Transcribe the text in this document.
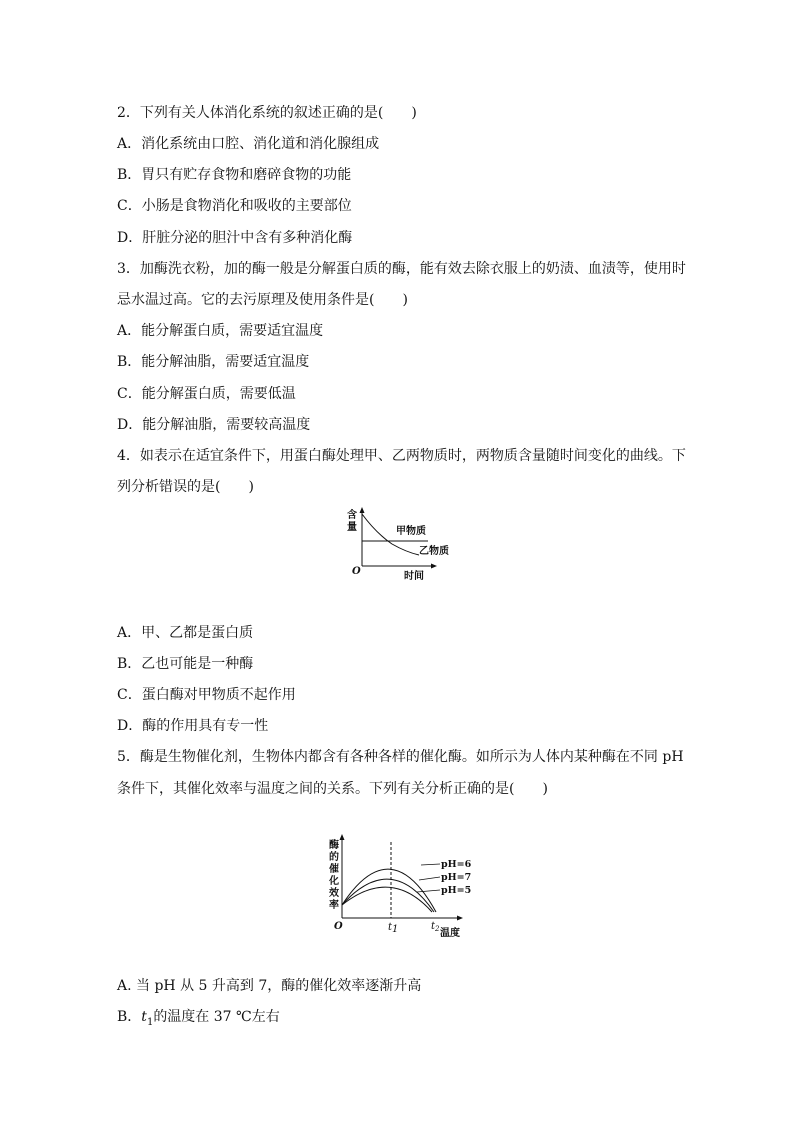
2．下列有关人体消化系统的叙述正确的是(　　)
A．消化系统由口腔、消化道和消化腺组成
B．胃只有贮存食物和磨碎食物的功能
C．小肠是食物消化和吸收的主要部位
D．肝脏分泌的胆汁中含有多种消化酶
3．加酶洗衣粉，加的酶一般是分解蛋白质的酶，能有效去除衣服上的奶渍、血渍等，使用时
忌水温过高。它的去污原理及使用条件是(　　)
A．能分解蛋白质，需要适宜温度
B．能分解油脂，需要适宜温度
C．能分解蛋白质，需要低温
D．能分解油脂，需要较高温度
4．如表示在适宜条件下，用蛋白酶处理甲、乙两物质时，两物质含量随时间变化的曲线。下
列分析错误的是(　　)
含
量	甲物质
乙物质
O	时间
A．甲、乙都是蛋白质
B．乙也可能是一种酶
C．蛋白酶对甲物质不起作用
D．酶的作用具有专一性
5．酶是生物催化剂，生物体内都含有各种各样的催化酶。如所示为人体内某种酶在不同 pH
条件下，其催化效率与温度之间的关系。下列有关分析正确的是(　　)
酶
的
催
化
效
率
pH=6
pH=7
pH=5
O	t1	$t_2$ 温度
A. 当 pH 从 5 升高到 7，酶的催化效率逐渐升高
B．$t_1$的温度在 37 ℃左右
